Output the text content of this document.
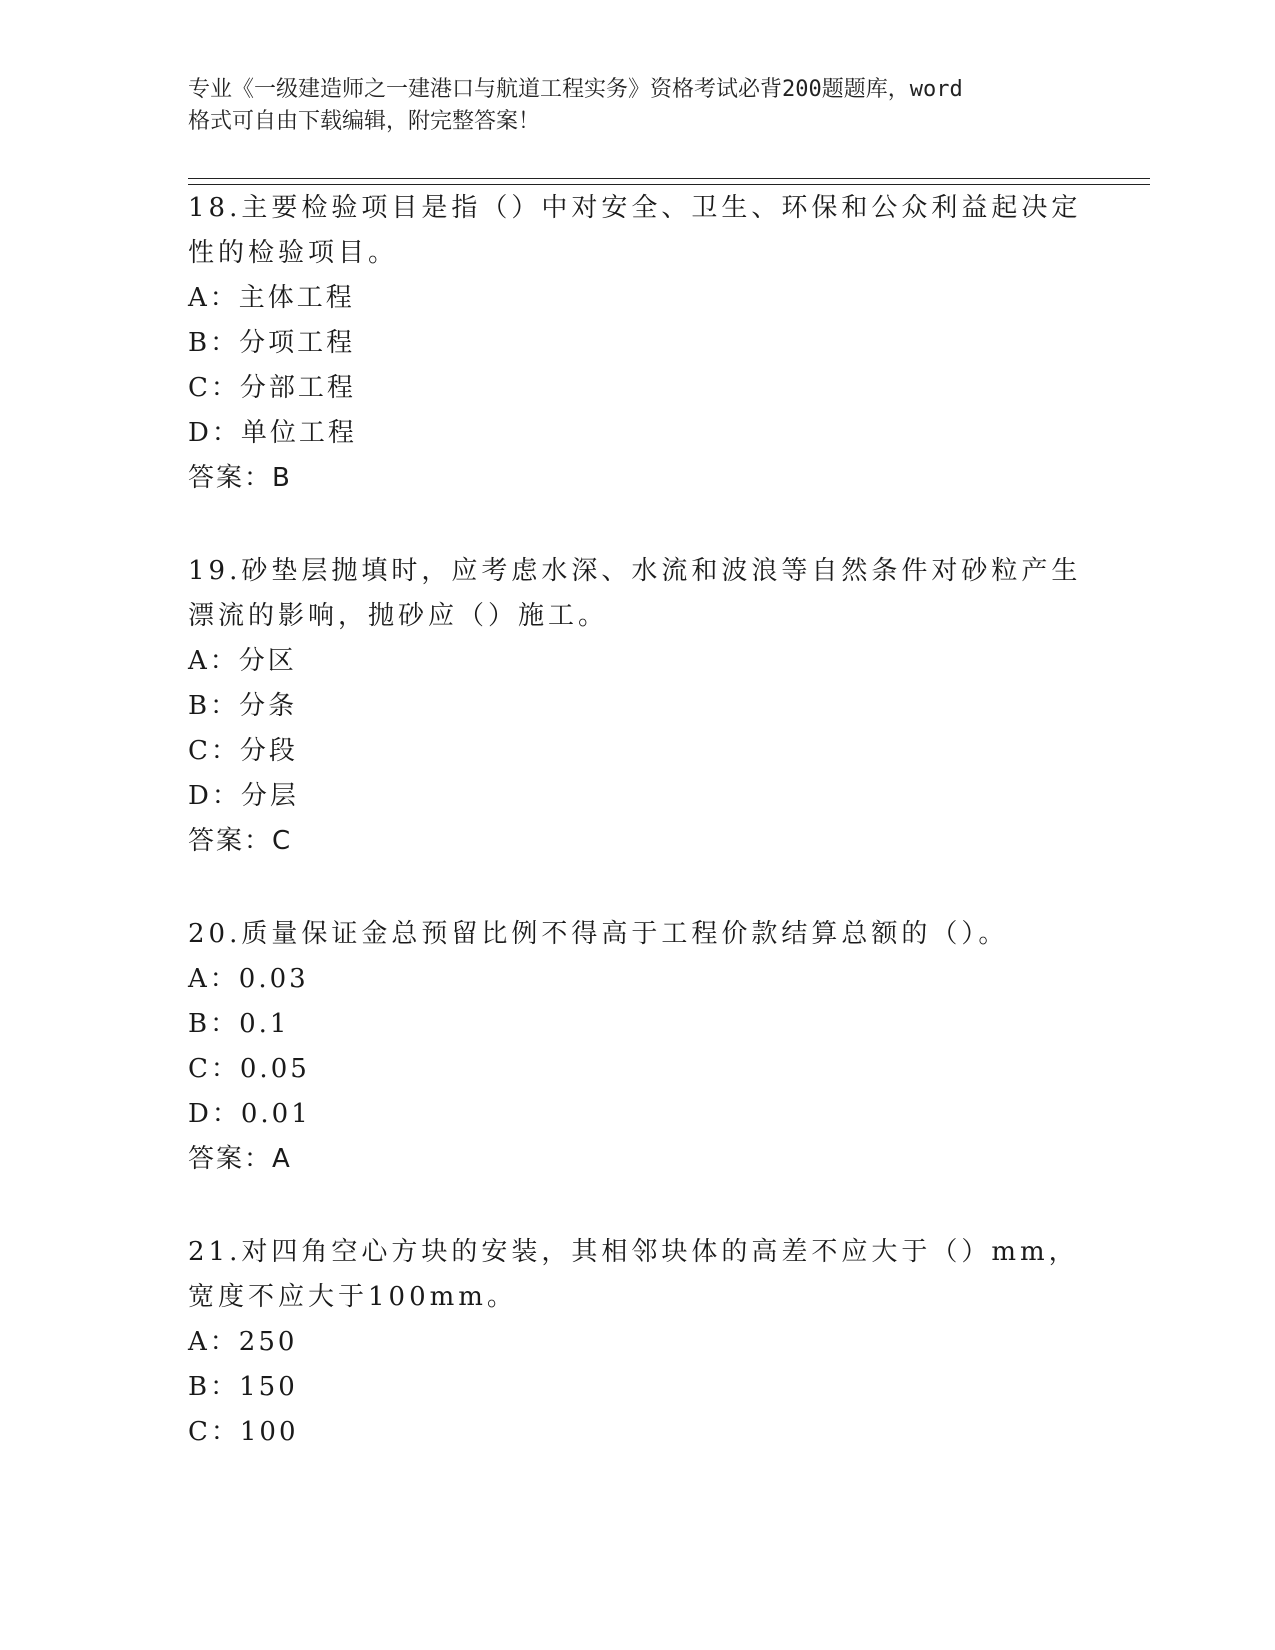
专业《一级建造师之一建港口与航道工程实务》资格考试必背200题题库，word
格式可自由下载编辑，附完整答案！
18.主要检验项目是指（）中对安全、卫生、环保和公众利益起决定性的检验项目。
A：主体工程
B：分项工程
C：分部工程
D：单位工程
答案：B
19.砂垫层抛填时，应考虑水深、水流和波浪等自然条件对砂粒产生漂流的影响，抛砂应（）施工。
A：分区
B：分条
C：分段
D：分层
答案：C
20.质量保证金总预留比例不得高于工程价款结算总额的（）。
A：0.03
B：0.1
C：0.05
D：0.01
答案：A
21.对四角空心方块的安装，其相邻块体的高差不应大于（）mm，宽度不应大于100mm。
A：250
B：150
C：100
